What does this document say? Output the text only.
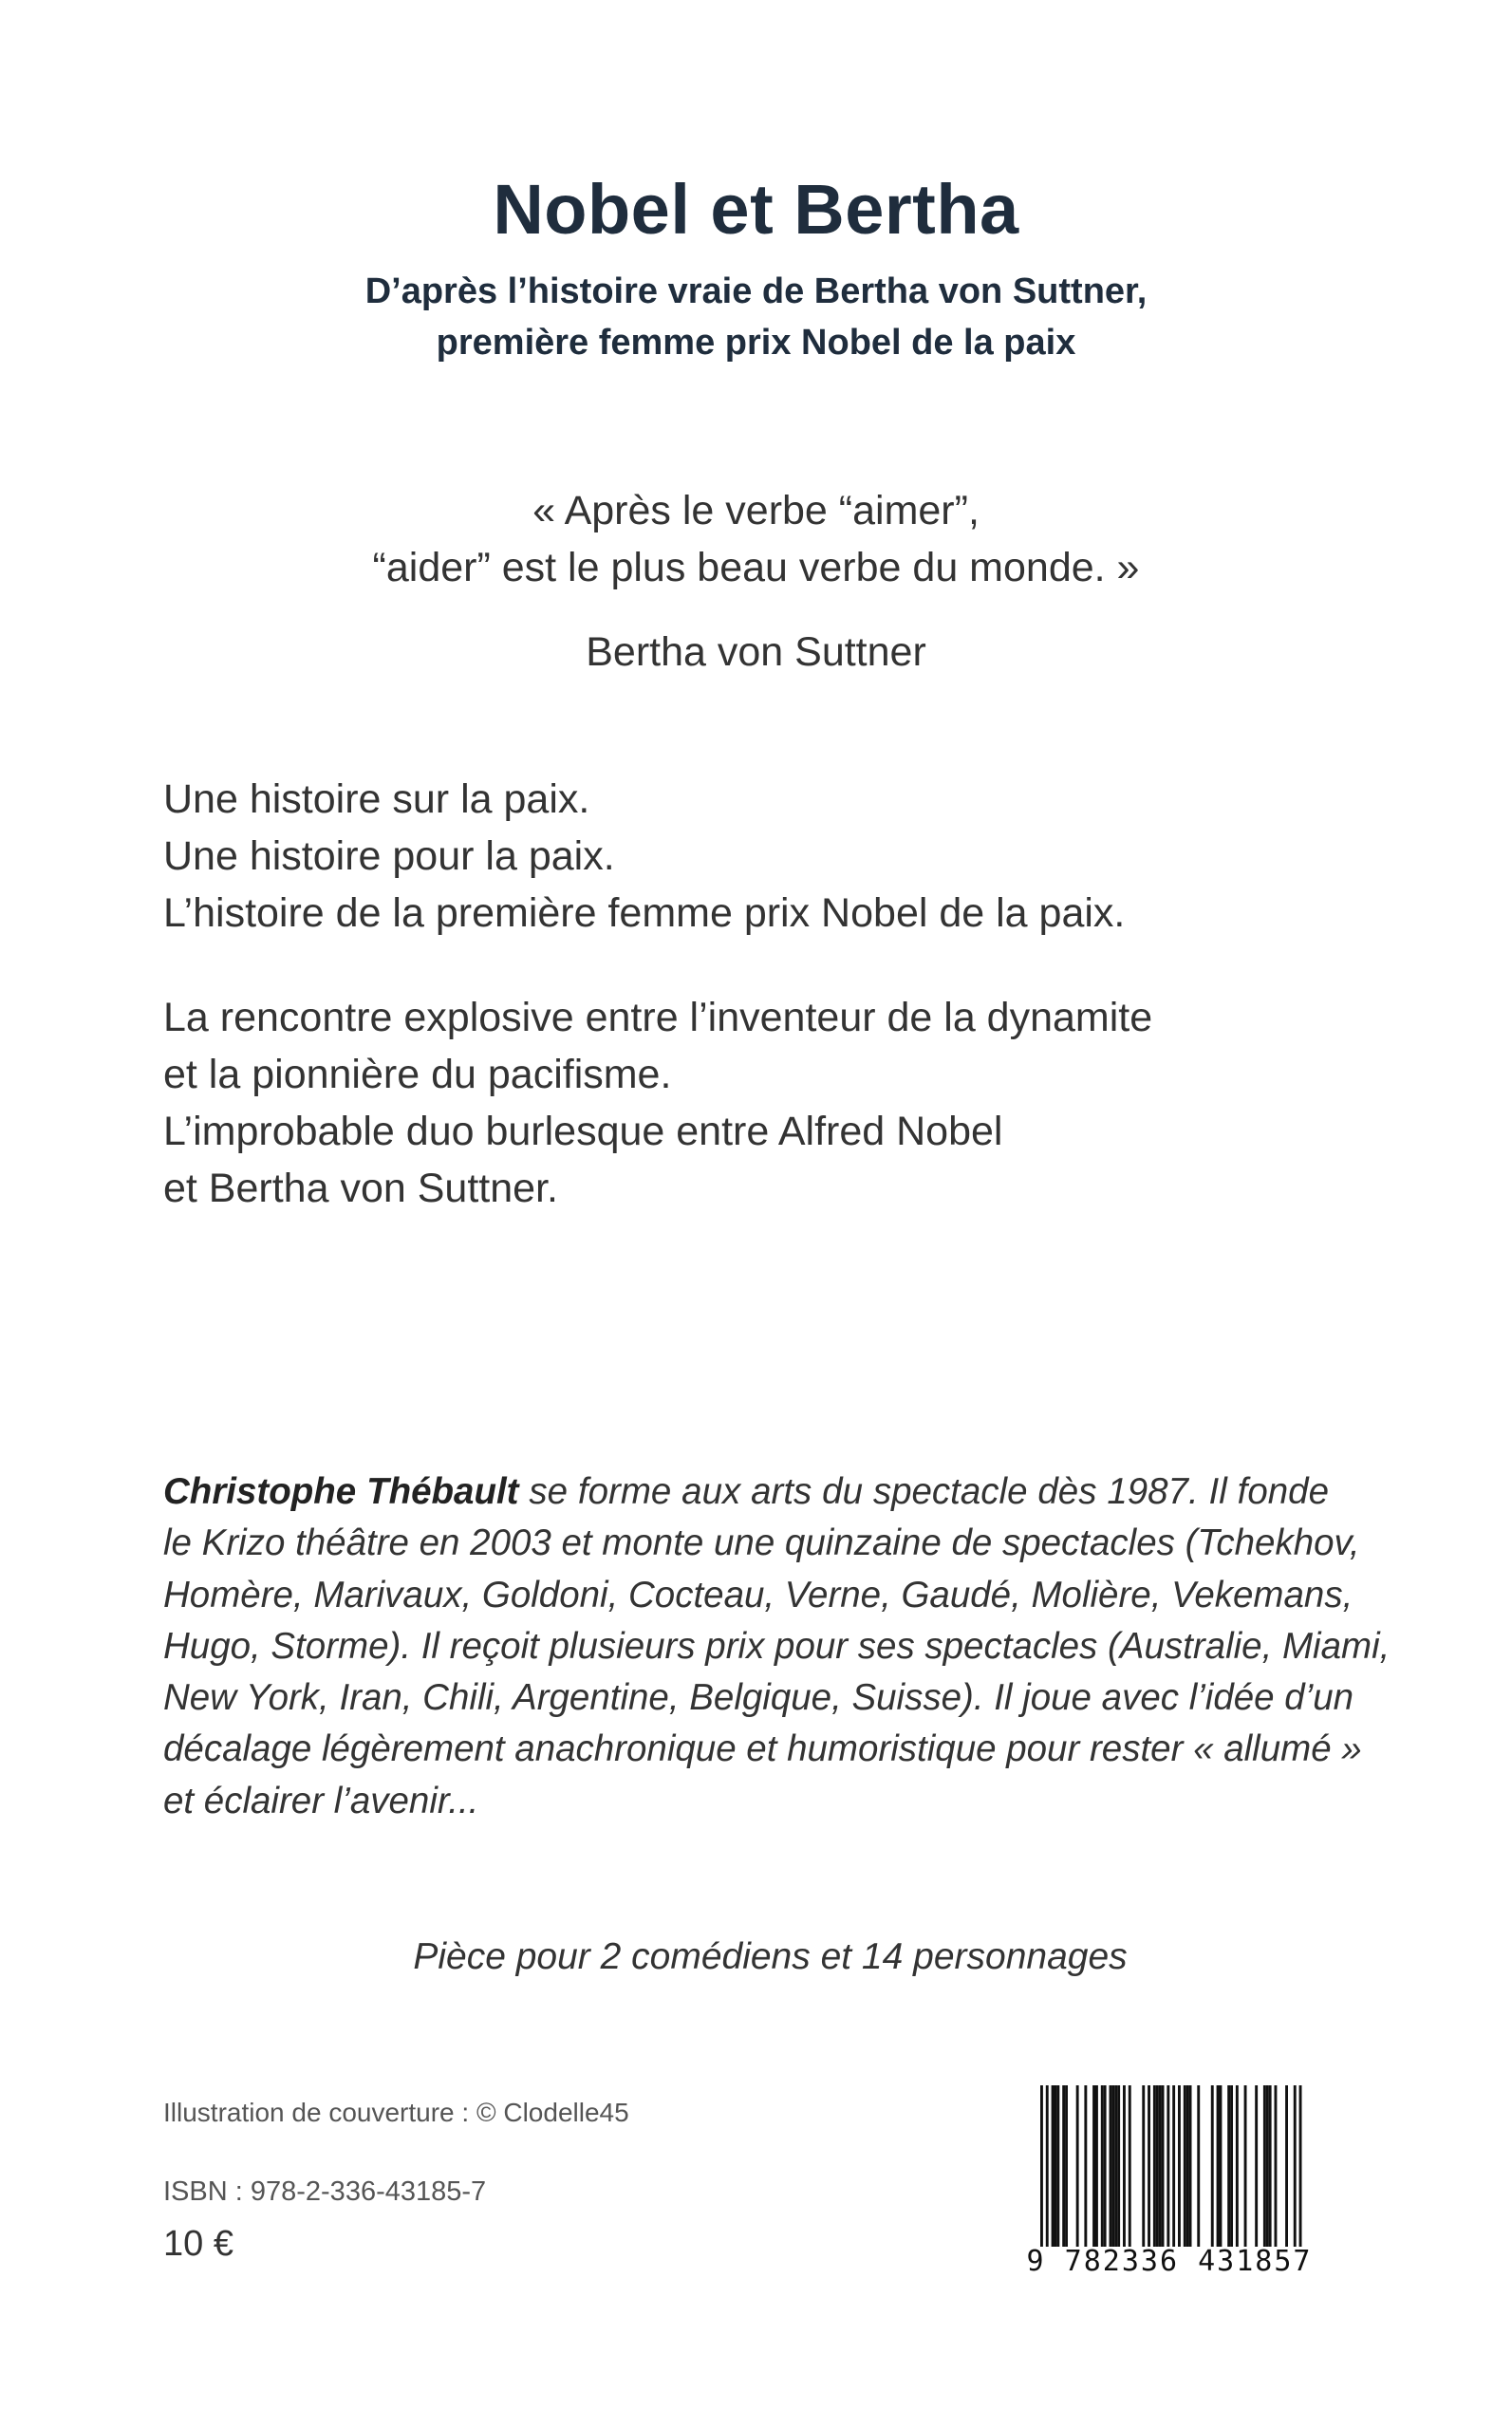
Nobel et Bertha
D’après l’histoire vraie de Bertha von Suttner,
première femme prix Nobel de la paix

« Après le verbe “aimer”,
“aider” est le plus beau verbe du monde. »

Bertha von Suttner

Une histoire sur la paix.
Une histoire pour la paix.
L’histoire de la première femme prix Nobel de la paix.

La rencontre explosive entre l’inventeur de la dynamite
et la pionnière du pacifisme.
L’improbable duo burlesque entre Alfred Nobel
et Bertha von Suttner.

Christophe Thébault se forme aux arts du spectacle dès 1987. Il fonde
le Krizo théâtre en 2003 et monte une quinzaine de spectacles (Tchekhov,
Homère, Marivaux, Goldoni, Cocteau, Verne, Gaudé, Molière, Vekemans,
Hugo, Storme). Il reçoit plusieurs prix pour ses spectacles (Australie, Miami,
New York, Iran, Chili, Argentine, Belgique, Suisse). Il joue avec l’idée d’un
décalage légèrement anachronique et humoristique pour rester « allumé »
et éclairer l’avenir...

Pièce pour 2 comédiens et 14 personnages

Illustration de couverture : © Clodelle45

ISBN : 978-2-336-43185-7

10 €	9 782336 431857
